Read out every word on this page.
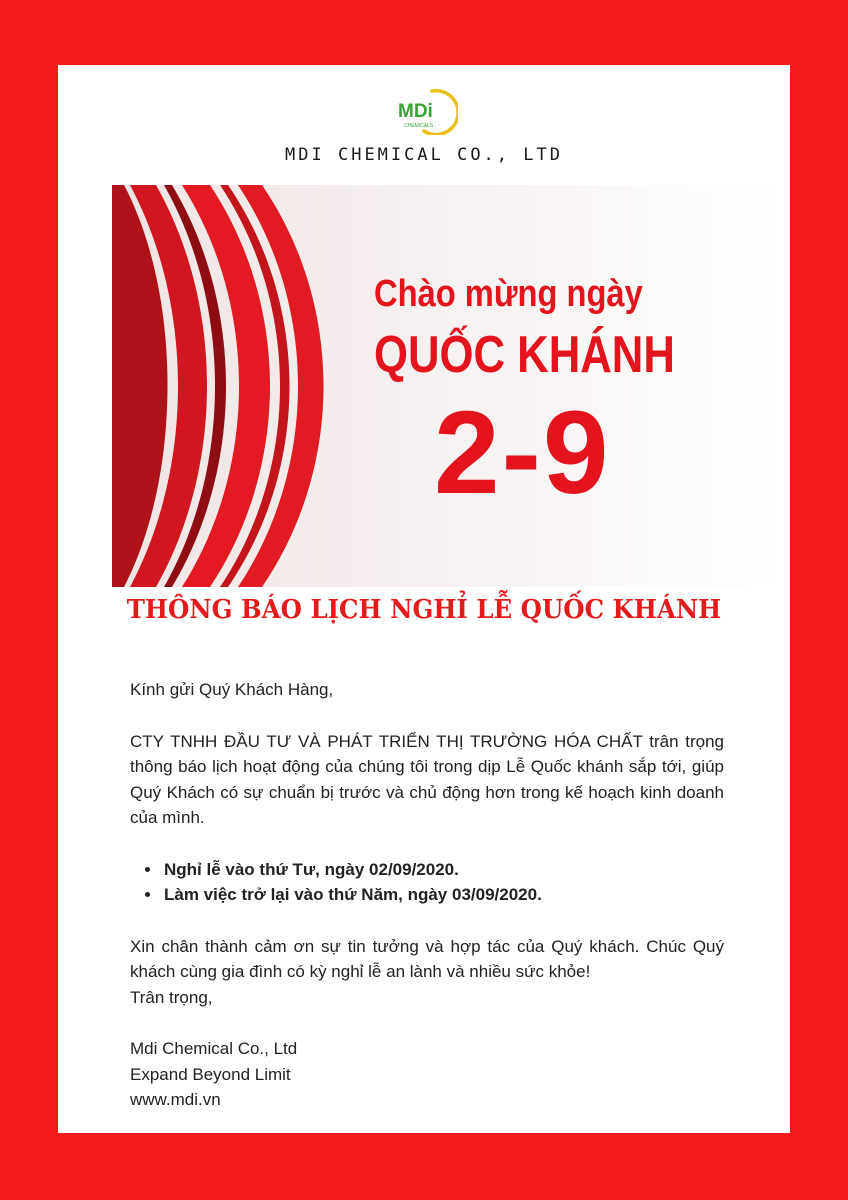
MDi
CHEMICALS
MDI CHEMICAL CO., LTD
Chào mừng ngày
QUỐC KHÁNH
2-9
THÔNG BÁO LỊCH NGHỈ LỄ QUỐC KHÁNH

Kính gửi Quý Khách Hàng,

CTY TNHH ĐẦU TƯ VÀ PHÁT TRIỂN THỊ TRƯỜNG HÓA CHẤT trân trọng thông báo lịch hoạt động của chúng tôi trong dịp Lễ Quốc khánh sắp tới, giúp Quý Khách có sự chuẩn bị trước và chủ động hơn trong kế hoạch kinh doanh của mình.

• Nghỉ lễ vào thứ Tư, ngày 02/09/2020.
• Làm việc trở lại vào thứ Năm, ngày 03/09/2020.

Xin chân thành cảm ơn sự tin tưởng và hợp tác của Quý khách. Chúc Quý khách cùng gia đình có kỳ nghỉ lễ an lành và nhiều sức khỏe!

Trân trọng,

Mdi Chemical Co., Ltd

Expand Beyond Limit

www.mdi.vn
